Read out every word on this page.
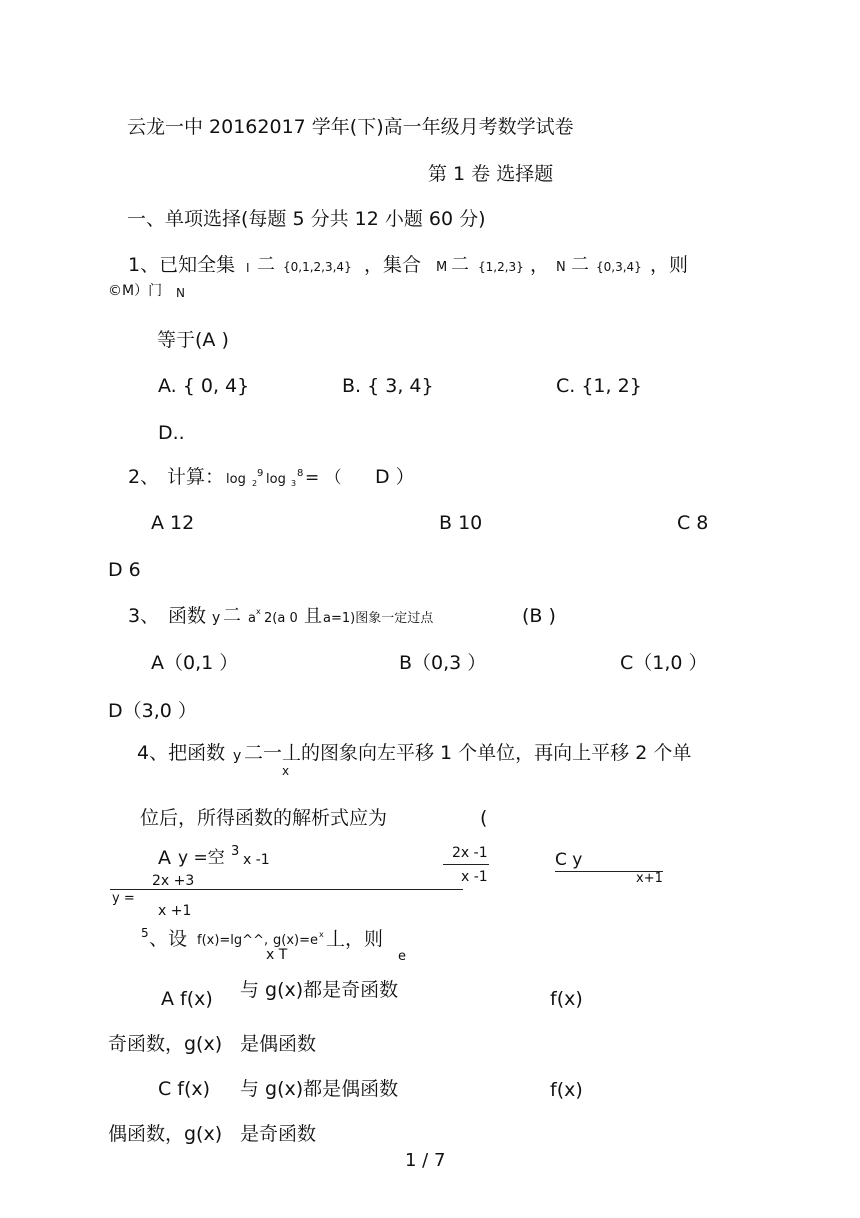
云龙一中 20162017 学年(下)高一年级月考数学试卷
第 1 卷 选择题
一、单项选择(每题 5 分共 12 小题 60 分)
1、已知全集 I 二 {0,1,2,3,4} ，集合 M 二 {1,2,3} ， N 二 {0,3,4} ，则
©M）门 N
等于(A )
A. { 0, 4}	B. { 3, 4}	C. {1, 2}
D..
2、 计算： log 2
9 log 3
8 = （ D ）
A 12	B 10	C 8
D 6
3、 函数 y 二 a x 2(a 0 且 a=1)图象一定过点	(B )
A（0,1 ）	B（0,3 ）	C（1,0 ）
D（3,0 ）
4、把函数 y 二一丄的图象向左平移 1 个单位，再向上平移 2 个单
x
位后，所得函数的解析式应为	(
A y =空 3
x -1	2x -1
x -1
C y
x+1
2x +3
y =
x +1
5 、设 f(x)=lg^^, g(x)=e x 丄，则
x T	e
A f(x) 与 g(x)都是奇函数	f(x)
奇函数，g(x) 是偶函数
C f(x) 与 g(x)都是偶函数	f(x)
偶函数，g(x) 是奇函数
1 / 7
